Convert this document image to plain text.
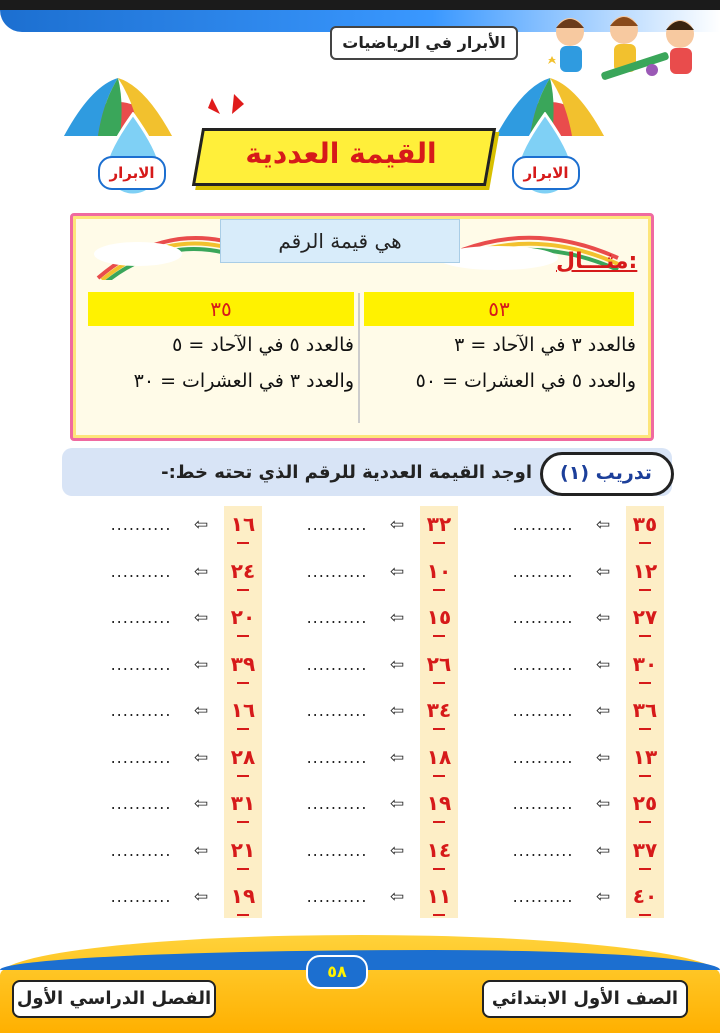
الأبرار في الرياضيات
الابرار	الابرار
القيمة العددية
هي قيمة الرقم
مثـــال:
٥٣
٣٥
فالعدد ٣ في الآحاد = ٣
والعدد ٥ في العشرات = ٥٠
فالعدد ٥ في الآحاد = ٥
والعدد ٣ في العشرات = ٣٠
تدريب (١)
اوجد القيمة العددية للرقم الذي تحته خط:-
٣٥
⇦
..........
١٢
⇦
..........
٢٧
⇦
..........
٣٠
⇦
..........
٣٦
⇦
..........
١٣
⇦
..........
٢٥
⇦
..........
٣٧
⇦
..........
٤٠
⇦
..........
٣٢
⇦
..........
١٠
⇦
..........
١٥
⇦
..........
٢٦
⇦
..........
٣٤
⇦
..........
١٨
⇦
..........
١٩
⇦
..........
١٤
⇦
..........
١١
⇦
..........
١٦
⇦
..........
٢٤
⇦
..........
٢٠
⇦
..........
٣٩
⇦
..........
١٦
⇦
..........
٢٨
⇦
..........
٣١
⇦
..........
٢١
⇦
..........
١٩
⇦
..........
٥٨
الصف الأول الابتدائي
الفصل الدراسي الأول
